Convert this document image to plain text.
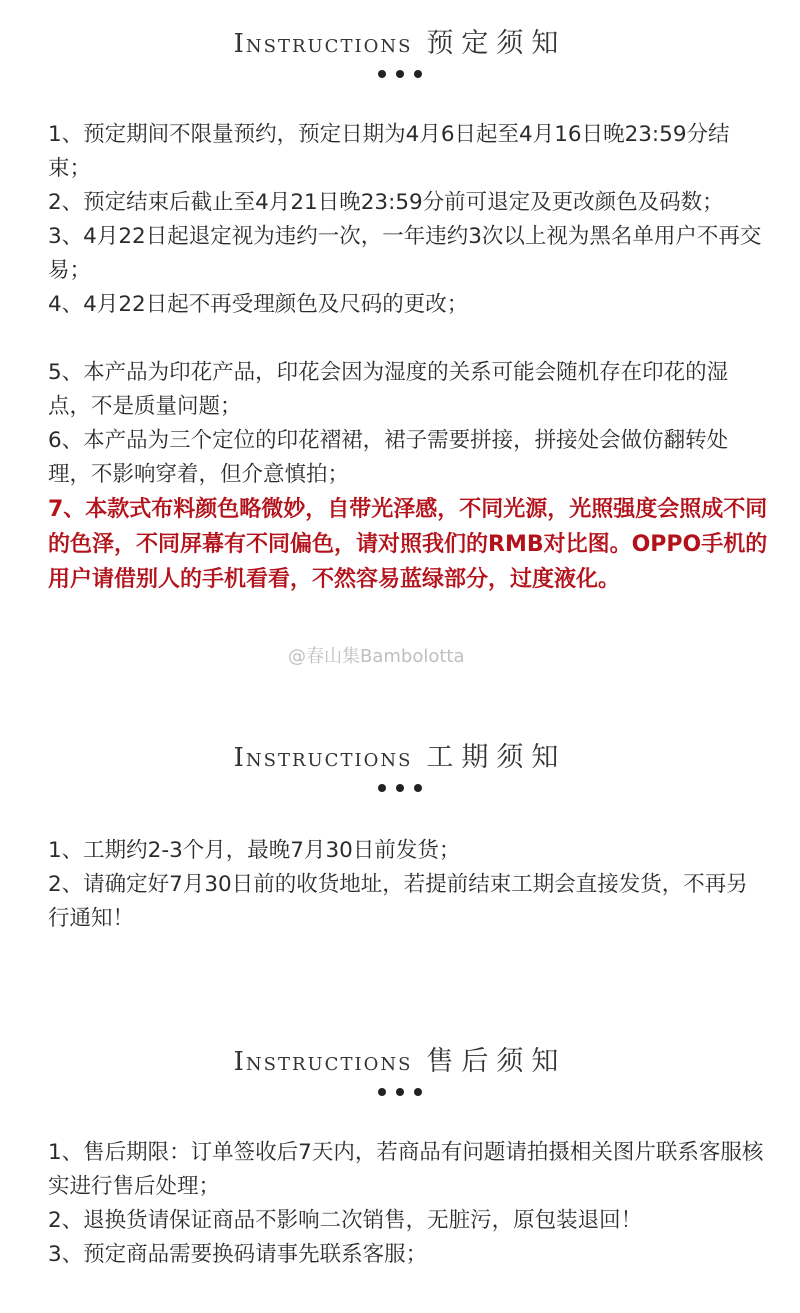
Instructions 预定须知

1、预定期间不限量预约，预定日期为4月6日起至4月16日晚23:59分结束；

2、预定结束后截止至4月21日晚23:59分前可退定及更改颜色及码数；

3、4月22日起退定视为违约一次，一年违约3次以上视为黑名单用户不再交易；

4、4月22日起不再受理颜色及尺码的更改；

5、本产品为印花产品，印花会因为湿度的关系可能会随机存在印花的湿点，不是质量问题；

6、本产品为三个定位的印花褶裙，裙子需要拼接，拼接处会做仿翻转处理，不影响穿着，但介意慎拍；

7、本款式布料颜色略微妙，自带光泽感，不同光源，光照强度会照成不同的色泽，不同屏幕有不同偏色，请对照我们的RMB对比图。OPPO手机的用户请借别人的手机看看，不然容易蓝绿部分，过度液化。

@春山集Bambolotta
Instructions 工期须知

1、工期约2-3个月，最晚7月30日前发货；

2、请确定好7月30日前的收货地址，若提前结束工期会直接发货，不再另行通知！

Instructions 售后须知

1、售后期限：订单签收后7天内，若商品有问题请拍摄相关图片联系客服核实进行售后处理；

2、退换货请保证商品不影响二次销售，无脏污，原包装退回！

3、预定商品需要换码请事先联系客服；
